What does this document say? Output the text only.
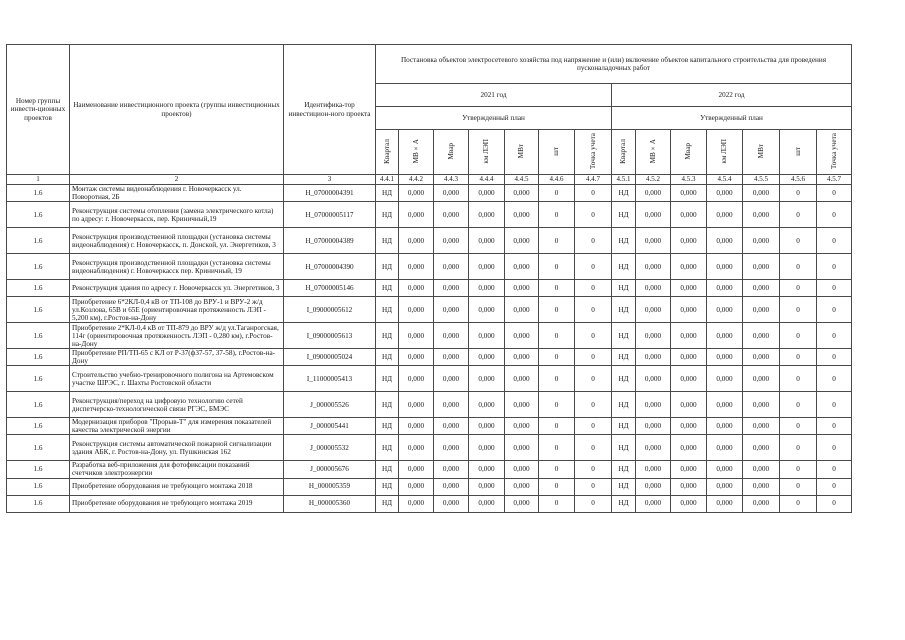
Номер группы инвести-ционных проектов	Наименование инвестиционного проекта (группы инвестиционных проектов)	Идентифика-тор инвестицион-ного проекта	Постановка объектов электросетевого хозяйства под напряжение и (или) включение объектов капитального строительства для проведения пусконаладочных работ													
			2021 год							2022 год						
			Утвержденный план							Утвержденный план						
			Квартал	МВ×А	Мвар	км ЛЭП	МВт	шт	Точка учета	Квартал	МВ×А	Мвар	км ЛЭП	МВт	шт	Точка учета
1	2	3	4.4.1	4.4.2	4.4.3	4.4.4	4.4.5	4.4.6	4.4.7	4.5.1	4.5.2	4.5.3	4.5.4	4.5.5	4.5.6	4.5.7
1.6	Монтаж системы видеонаблюдения г. Новочеркасск ул. Поворотная, 2Б	H_07000004391	НД	0,000	0,000	0,000	0,000	0	0	НД	0,000	0,000	0,000	0,000	0	0
1.6	Реконструкция системы отопления (замена электрического котла) по адресу: г. Новочеркасск, пер. Криничный,19	H_07000005117	НД	0,000	0,000	0,000	0,000	0	0	НД	0,000	0,000	0,000	0,000	0	0
1.6	Реконструкция производственной площадки (установка системы видеонаблюдения) г. Новочеркасск, п. Донской, ул. Энергетиков, 3	H_07000004389	НД	0,000	0,000	0,000	0,000	0	0	НД	0,000	0,000	0,000	0,000	0	0
1.6	Реконструкция производственной площадки (установка системы видеонаблюдения) г. Новочеркасск пер. Криничный, 19	H_07000004390	НД	0,000	0,000	0,000	0,000	0	0	НД	0,000	0,000	0,000	0,000	0	0
1.6	Реконструкция здания по адресу г. Новочеркасск ул. Энергетиков, 3	H_07000005146	НД	0,000	0,000	0,000	0,000	0	0	НД	0,000	0,000	0,000	0,000	0	0
1.6	Приобретение 6*2КЛ-0,4 кВ от ТП-108 до ВРУ-1 и ВРУ-2 ж/д ул.Козлова, 65В и 65Е (ориентировочная протяженность ЛЭП - 5,200 км), г.Ростов-на-Дону	I_09000005612	НД	0,000	0,000	0,000	0,000	0	0	НД	0,000	0,000	0,000	0,000	0	0
1.6	Приобретение 2*КЛ-0,4 кВ от ТП-879 до ВРУ ж/д ул.Таганрогская, 114г (ориентировочная протяженность ЛЭП - 0,280 км), г.Ростов-на-Дону	I_09000005613	НД	0,000	0,000	0,000	0,000	0	0	НД	0,000	0,000	0,000	0,000	0	0
1.6	Приобретение РП/ТП-65 с КЛ от Р-37(ф37-57, 37-58), г.Ростов-на-Дону	I_09000005024	НД	0,000	0,000	0,000	0,000	0	0	НД	0,000	0,000	0,000	0,000	0	0
1.6	Строительство учебно-тренировочного полигона на Артемовском участке ШРЭС, г. Шахты Ростовской области	I_11000005413	НД	0,000	0,000	0,000	0,000	0	0	НД	0,000	0,000	0,000	0,000	0	0
1.6	Реконструкция/переход на цифровую технологию сетей диспетчерско-технологической связи РГЭС, БМЭС	J_000005526	НД	0,000	0,000	0,000	0,000	0	0	НД	0,000	0,000	0,000	0,000	0	0
1.6	Модернизация приборов "Прорыв-Т" для измерения показателей качества электрической энергии	J_000005441	НД	0,000	0,000	0,000	0,000	0	0	НД	0,000	0,000	0,000	0,000	0	0
1.6	Реконструкция системы автоматической пожарной сигнализации здания АБК, г. Ростов-на-Дону, ул. Пушкинская 162	J_000005532	НД	0,000	0,000	0,000	0,000	0	0	НД	0,000	0,000	0,000	0,000	0	0
1.6	Разработка веб-приложения для фотофиксации показаний счетчиков электроэнергии	J_000005676	НД	0,000	0,000	0,000	0,000	0	0	НД	0,000	0,000	0,000	0,000	0	0
1.6	Приобретение оборудования не требующего монтажа 2018	H_000005359	НД	0,000	0,000	0,000	0,000	0	0	НД	0,000	0,000	0,000	0,000	0	0
1.6	Приобретение оборудования не требующего монтажа 2019	H_000005360	НД	0,000	0,000	0,000	0,000	0	0	НД	0,000	0,000	0,000	0,000	0	0
